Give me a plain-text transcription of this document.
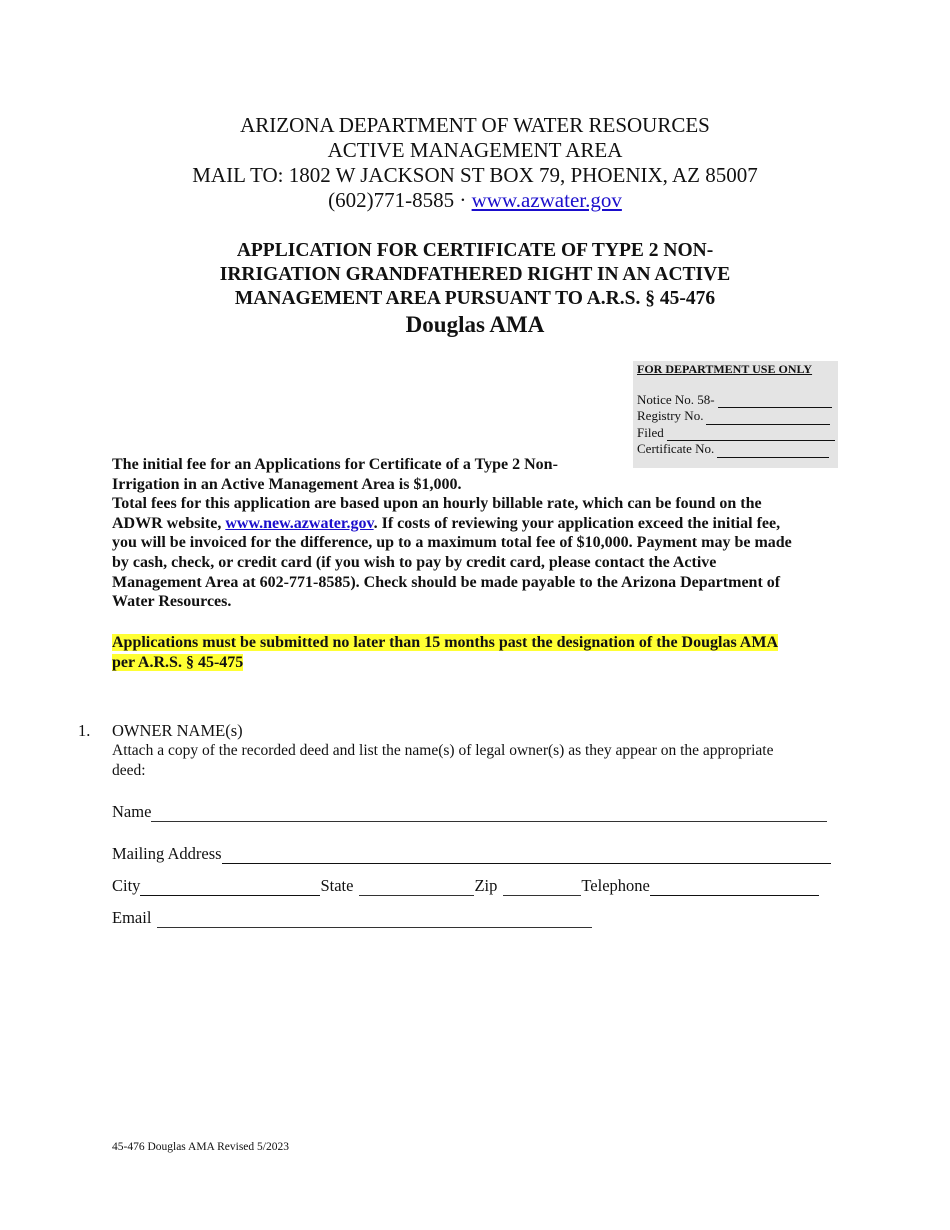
ARIZONA DEPARTMENT OF WATER RESOURCES
ACTIVE MANAGEMENT AREA
MAIL TO: 1802 W JACKSON ST BOX 79, PHOENIX, AZ 85007
(602)771-8585 · www.azwater.gov
APPLICATION FOR CERTIFICATE OF TYPE 2 NON-
IRRIGATION GRANDFATHERED RIGHT IN AN ACTIVE
MANAGEMENT AREA PURSUANT TO A.R.S. § 45-476
Douglas AMA
FOR DEPARTMENT USE ONLY
Notice No. 58-
Registry No.
Filed
Certificate No.
The initial fee for an Applications for Certificate of a Type 2 Non-
Irrigation in an Active Management Area is $1,000.
Total fees for this application are based upon an hourly billable rate, which can be found on the
ADWR website, www.new.azwater.gov. If costs of reviewing your application exceed the initial fee,
you will be invoiced for the difference, up to a maximum total fee of $10,000. Payment may be made
by cash, check, or credit card (if you wish to pay by credit card, please contact the Active
Management Area at 602-771-8585). Check should be made payable to the Arizona Department of
Water Resources.
Applications must be submitted no later than 15 months past the designation of the Douglas AMA
per A.R.S. § 45-475
1. OWNER NAME(s)
Attach a copy of the recorded deed and list the name(s) of legal owner(s) as they appear on the appropriate
deed:
Name
Mailing Address
City	State	Zip	Telephone
Email
45-476 Douglas AMA Revised 5/2023
